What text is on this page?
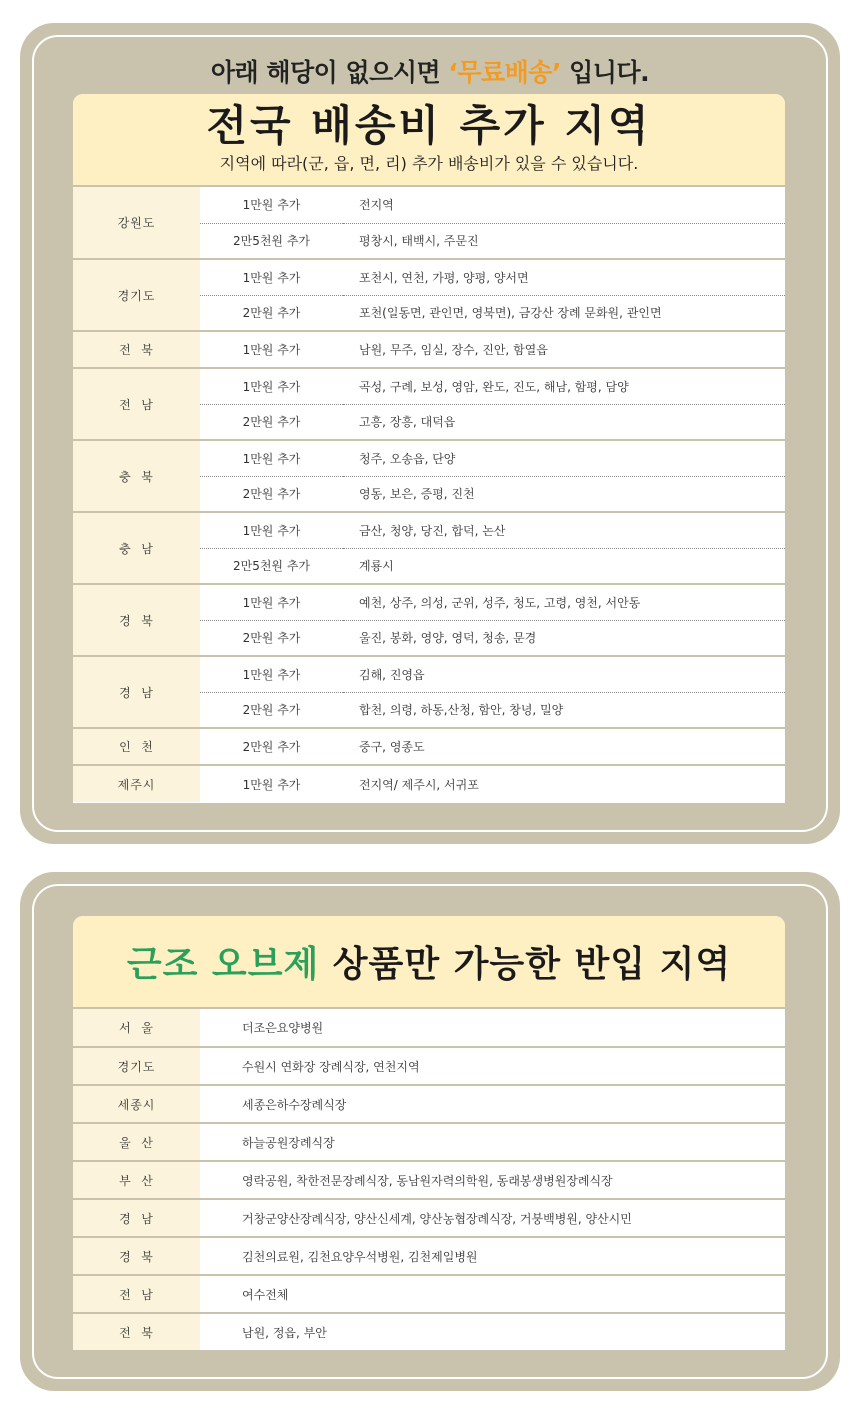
아래 해당이 없으시면 ‘무료배송’ 입니다.
전국 배송비 추가 지역
지역에 따라(군, 읍, 면, 리) 추가 배송비가 있을 수 있습니다.
강원도	1만원 추가	전지역
	2만5천원 추가	평창시, 태백시, 주문진
경기도	1만원 추가	포천시, 연천, 가평, 양평, 양서면
	2만원 추가	포천(일동면, 관인면, 영북면), 금강산 장례 문화원, 관인면
전  북	1만원 추가	남원, 무주, 임실, 장수, 진안, 함열읍
전  남	1만원 추가	곡성, 구례, 보성, 영암, 완도, 진도, 해남, 함평, 담양
	2만원 추가	고흥, 장흥, 대덕읍
충  북	1만원 추가	청주, 오송읍, 단양
	2만원 추가	영동, 보은, 증평, 진천
충  남	1만원 추가	금산, 청양, 당진, 합덕, 논산
	2만5천원 추가	계룡시
경  북	1만원 추가	예천, 상주, 의성, 군위, 성주, 청도, 고령, 영천, 서안동
	2만원 추가	울진, 봉화, 영양, 영덕, 청송, 문경
경  남	1만원 추가	김해, 진영읍
	2만원 추가	합천, 의령, 하동,산청, 함안, 창녕, 밀양
인  천	2만원 추가	중구, 영종도
제주시	1만원 추가	전지역/ 제주시, 서귀포
근조 오브제 상품만 가능한 반입 지역
서  울	더조은요양병원
경기도	수원시 연화장 장례식장, 연천지역
세종시	세종은하수장례식장
울  산	하늘공원장례식장
부  산	영락공원, 착한전문장례식장, 동남원자력의학원, 동래봉생병원장례식장
경  남	거창군양산장례식장, 양산신세계, 양산농협장례식장, 거붕백병원, 양산시민
경  북	김천의료원, 김천요양우석병원, 김천제일병원
전  남	여수전체
전  북	남원, 정읍, 부안
